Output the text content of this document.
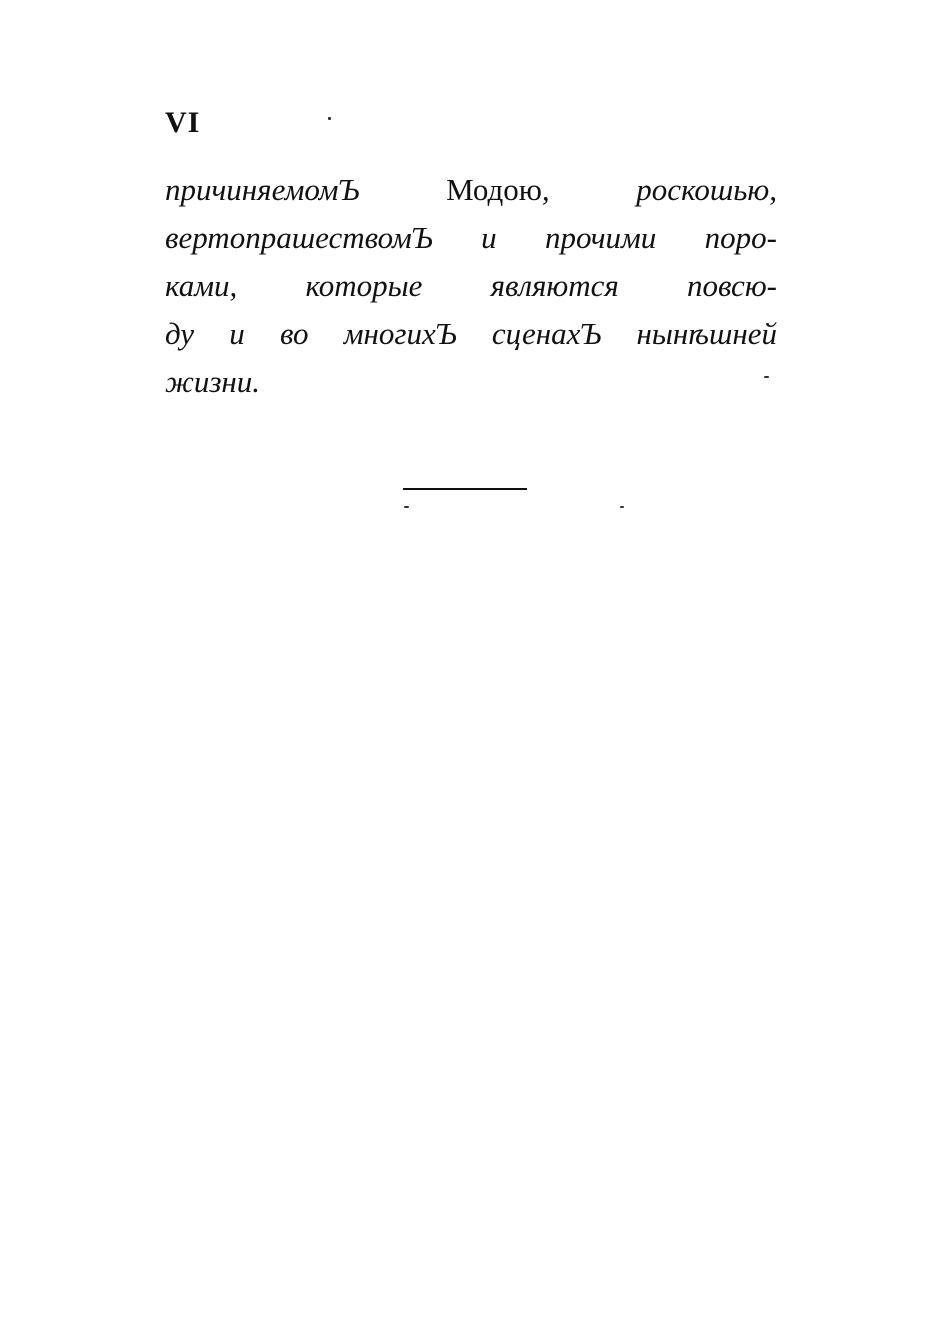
VI
причиняемомЪ Модою, роскошью,
вертопрашествомЪ и прочими поро-
ками, которые являются повсю-
ду и во многихЪ сценахЪ нынѣшней
жизни.
